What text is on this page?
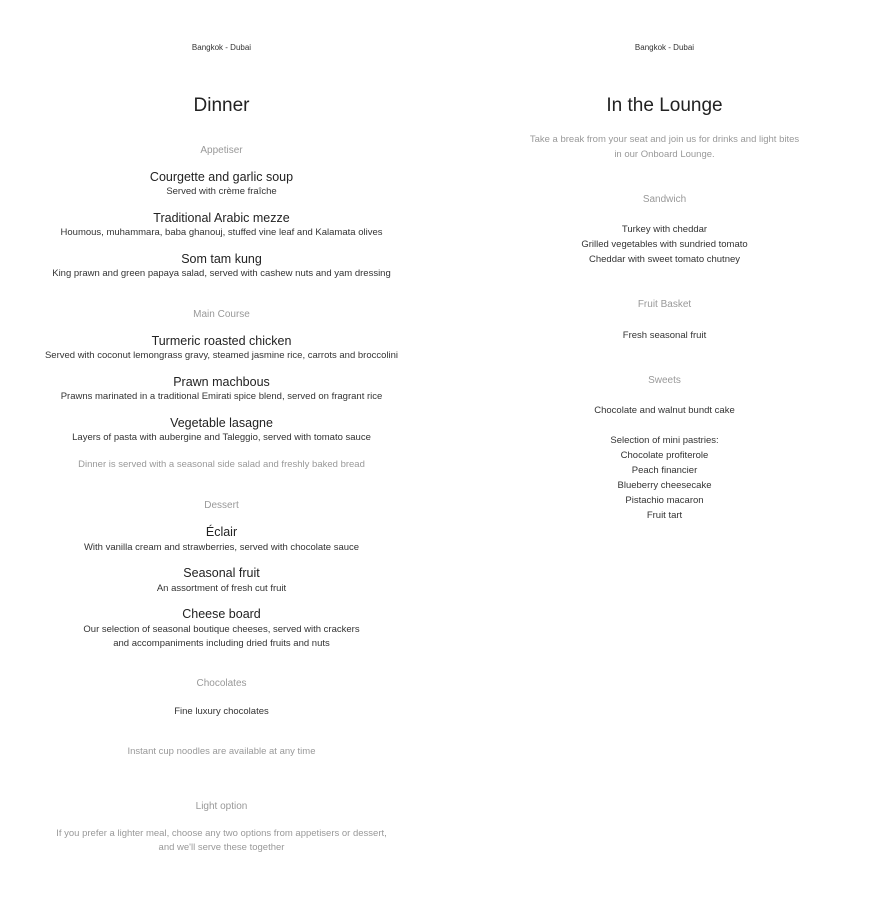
Bangkok - Dubai
Dinner
Appetiser
Courgette and garlic soup
Served with crème fraîche
Traditional Arabic mezze
Houmous, muhammara, baba ghanouj, stuffed vine leaf and Kalamata olives
Som tam kung
King prawn and green papaya salad, served with cashew nuts and yam dressing
Main Course
Turmeric roasted chicken
Served with coconut lemongrass gravy, steamed jasmine rice, carrots and broccolini
Prawn machbous
Prawns marinated in a traditional Emirati spice blend, served on fragrant rice
Vegetable lasagne
Layers of pasta with aubergine and Taleggio, served with tomato sauce
Dinner is served with a seasonal side salad and freshly baked bread
Dessert
Éclair
With vanilla cream and strawberries, served with chocolate sauce
Seasonal fruit
An assortment of fresh cut fruit
Cheese board
Our selection of seasonal boutique cheeses, served with crackers
and accompaniments including dried fruits and nuts
Chocolates
Fine luxury chocolates
Instant cup noodles are available at any time
Light option
If you prefer a lighter meal, choose any two options from appetisers or dessert,
and we'll serve these together
Bangkok - Dubai
In the Lounge
Take a break from your seat and join us for drinks and light bites
in our Onboard Lounge.
Sandwich
Turkey with cheddar
Grilled vegetables with sundried tomato
Cheddar with sweet tomato chutney
Fruit Basket
Fresh seasonal fruit
Sweets
Chocolate and walnut bundt cake
Selection of mini pastries:
Chocolate profiterole
Peach financier
Blueberry cheesecake
Pistachio macaron
Fruit tart
